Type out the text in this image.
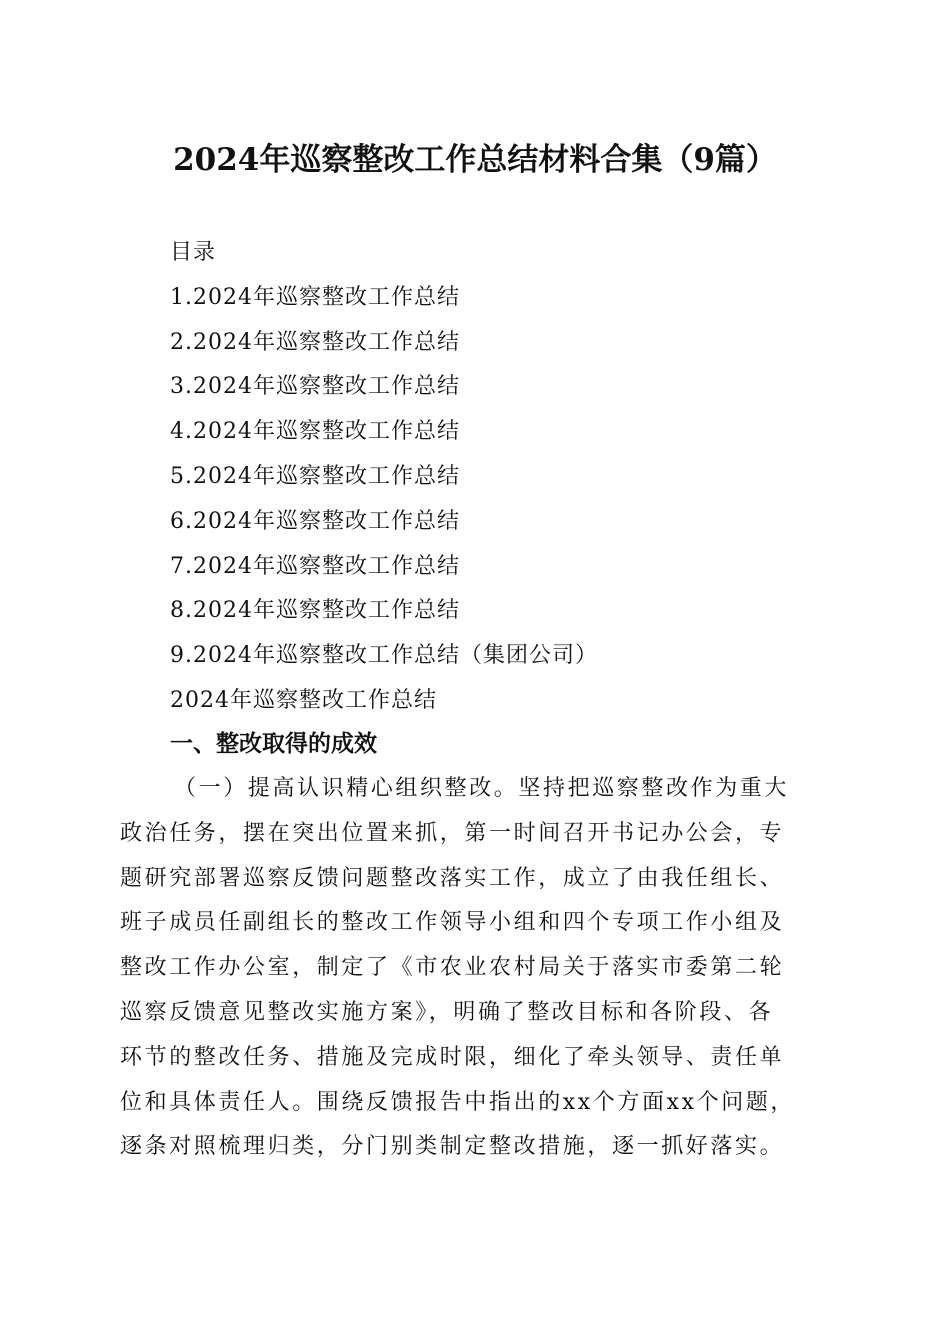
2024年巡察整改工作总结材料合集（9篇）
目录
1.2024年巡察整改工作总结
2.2024年巡察整改工作总结
3.2024年巡察整改工作总结
4.2024年巡察整改工作总结
5.2024年巡察整改工作总结
6.2024年巡察整改工作总结
7.2024年巡察整改工作总结
8.2024年巡察整改工作总结
9.2024年巡察整改工作总结（集团公司）
2024年巡察整改工作总结
一、整改取得的成效
（一）提高认识精心组织整改。坚持把巡察整改作为重大
政治任务，摆在突出位置来抓，第一时间召开书记办公会，专
题研究部署巡察反馈问题整改落实工作，成立了由我任组长、
班子成员任副组长的整改工作领导小组和四个专项工作小组及
整改工作办公室，制定了《市农业农村局关于落实市委第二轮
巡察反馈意见整改实施方案》，明确了整改目标和各阶段、各
环节的整改任务、措施及完成时限，细化了牵头领导、责任单
位和具体责任人。围绕反馈报告中指出的xx个方面xx个问题，
逐条对照梳理归类，分门别类制定整改措施，逐一抓好落实。
